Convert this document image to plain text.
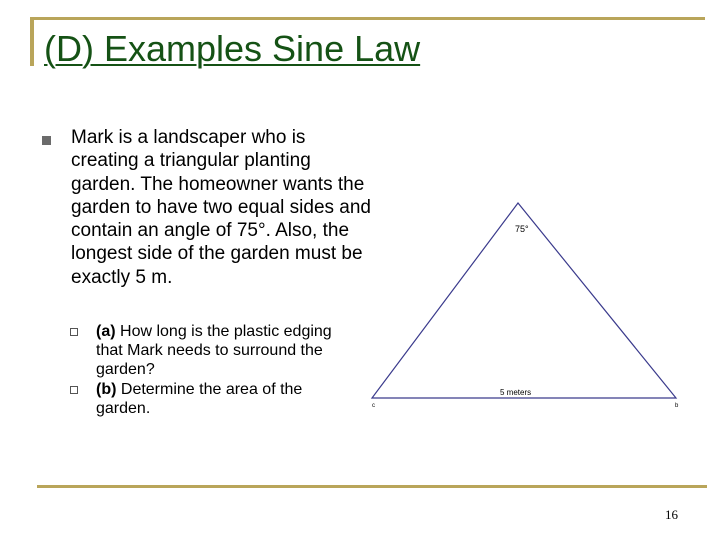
(D) Examples Sine Law
Mark is a landscaper who is creating a triangular planting garden. The homeowner wants the garden to have two equal sides and contain an angle of 75°. Also, the longest side of the garden must be exactly 5 m.
(a) How long is the plastic edging that Mark needs to surround the garden?
(b) Determine the area of the garden.
75°
5 meters
c	b
16
